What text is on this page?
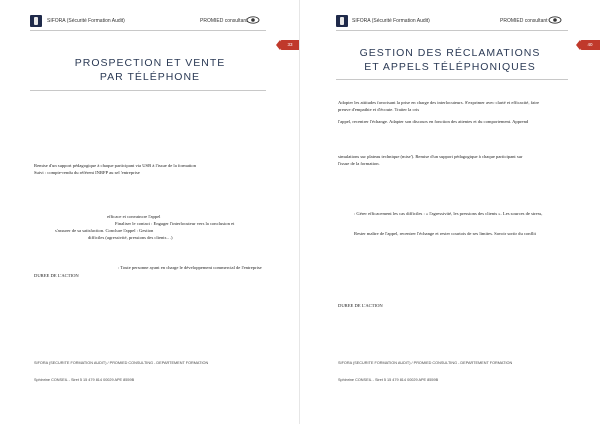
SIFORA (Sécurité Formation Audit)	PROMIED consultant
33
PROSPECTION ET VENTE
PAR TÉLÉPHONE
Remise d'un support pédagogique à chaque participant via USB à l'issue de la formation
Suivi : compte-rendu du référent INRFP au sel 'entreprise
efficace et convaincre l'appel
Finaliser le contact : Engager l'interlocuteur vers la conclusion et
s'assurer de sa satisfaction. Conclure l'appel : Gestion
difficiles (agressivité, pressions des clients…)
: Toute personne ayant en charge le développement commercial de l'entreprise
DUREE DE L'ACTION
SIFORA (SECURITE FORMATION AUDIT) / PROMIED CONSULTING - DEPARTEMENT FORMATION
Sphinrine CONSEIL - Siret 5 15 479 814 00029 APE 8559B
SIFORA (Sécurité Formation Audit)	PROMIED consultant
40
GESTION DES RÉCLAMATIONS
ET APPELS TÉLÉPHONIQUES
Adopter les attitudes favorisant la prise en charge des interlocuteurs. S'exprimer avec clarté et efficacité, faire
preuve d'empathie et d'écoute. Traiter la cris
l'appel, recentrer l'échange. Adapter son discours en fonction des attentes et du comportement. Apprend
simulations sur plateau technique (mise'). Remise d'un support pédagogique à chaque participant sur
l'issue de la formation.
: Gérer efficacement les cas difficiles : « l'agressivité, les pressions des clients ». Les sources de stress,
Rester maître de l'appel, recentrer l'échange et rester courtois de ses limites. Savoir sortir du conflit
DUREE DE L'ACTION
SIFORA (SECURITE FORMATION AUDIT) / PROMIED CONSULTING - DEPARTEMENT FORMATION
Sphinrine CONSEIL - Siret 5 15 479 814 00029 APE 8559B
